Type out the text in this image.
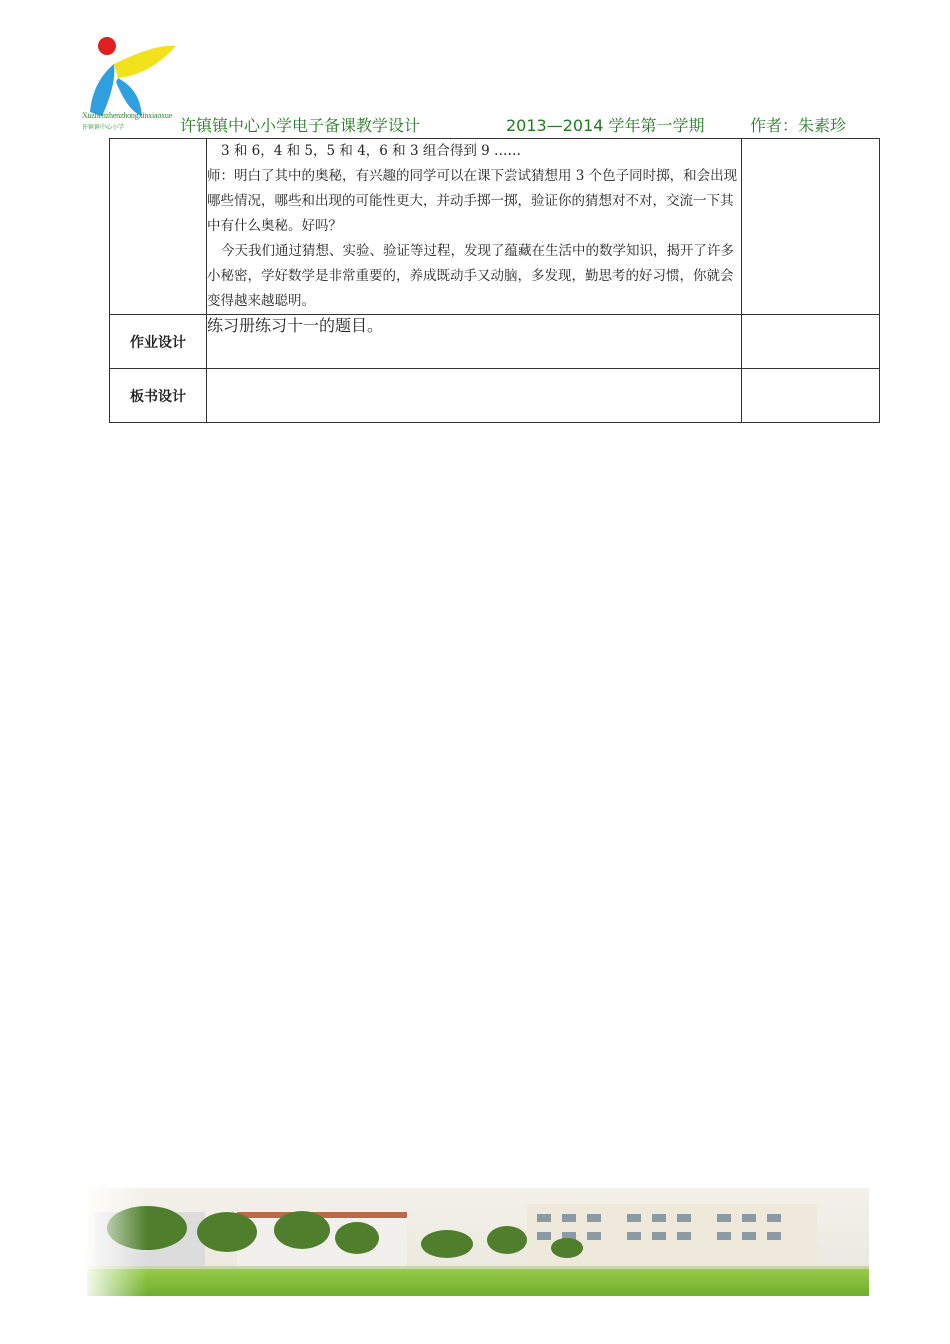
Xuzhenzhenzhongxinxiaoxue
许镇镇中心小学	许镇镇中心小学电子备课教学设计	2013—2014 学年第一学期	作者：朱素珍

	3 和 6，4 和 5，5 和 4，6 和 3 组合得到 9 ……

师：明白了其中的奥秘，有兴趣的同学可以在课下尝试猜想用 3 个色子同时掷，和会出现哪些情况，哪些和出现的可能性更大，并动手掷一掷，验证你的猜想对不对，交流一下其中有什么奥秘。好吗？

今天我们通过猜想、实验、验证等过程，发现了蕴藏在生活中的数学知识，揭开了许多小秘密，学好数学是非常重要的，养成既动手又动脑，多发现，勤思考的好习惯，你就会变得越来越聪明。	

作业设计	练习册练习十一的题目。	
板书设计		
